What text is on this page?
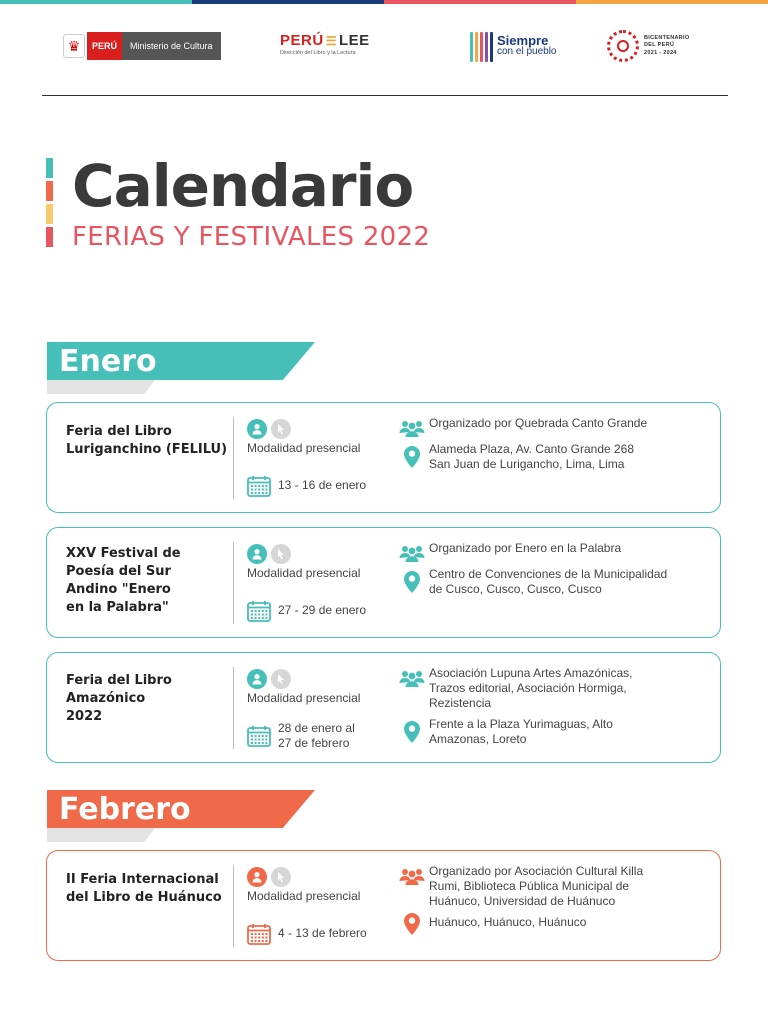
♛	PERÚ	Ministerio de Cultura	PERÚ ☰ LEE
Dirección del Libro y la Lectura
Siempre
con el pueblo
BICENTENARIO
DEL PERÚ
2021 - 2024
Calendario
FERIAS Y FESTIVALES 2022
Enero
Feria del Libro
Luriganchino (FELILU)	Modalidad presencial
13 - 16 de enero
Organizado por Quebrada Canto Grande
Alameda Plaza, Av. Canto Grande 268
San Juan de Lurigancho, Lima, Lima
XXV Festival de
Poesía del Sur
Andino "Enero
en la Palabra"
Modalidad presencial
27 - 29 de enero
Organizado por Enero en la Palabra
Centro de Convenciones de la Municipalidad
de Cusco, Cusco, Cusco, Cusco
Feria del Libro
Amazónico
2022
Modalidad presencial
28 de enero al
27 de febrero
Asociación Lupuna Artes Amazónicas,
Trazos editorial, Asociación Hormiga,
Rezistencia
Frente a la Plaza Yurimaguas, Alto
Amazonas, Loreto
Febrero
II Feria Internacional
del Libro de Huánuco	Modalidad presencial
4 - 13 de febrero
Organizado por Asociación Cultural Killa
Rumi, Biblioteca Pública Municipal de
Huánuco, Universidad de Huánuco
Huánuco, Huánuco, Huánuco
